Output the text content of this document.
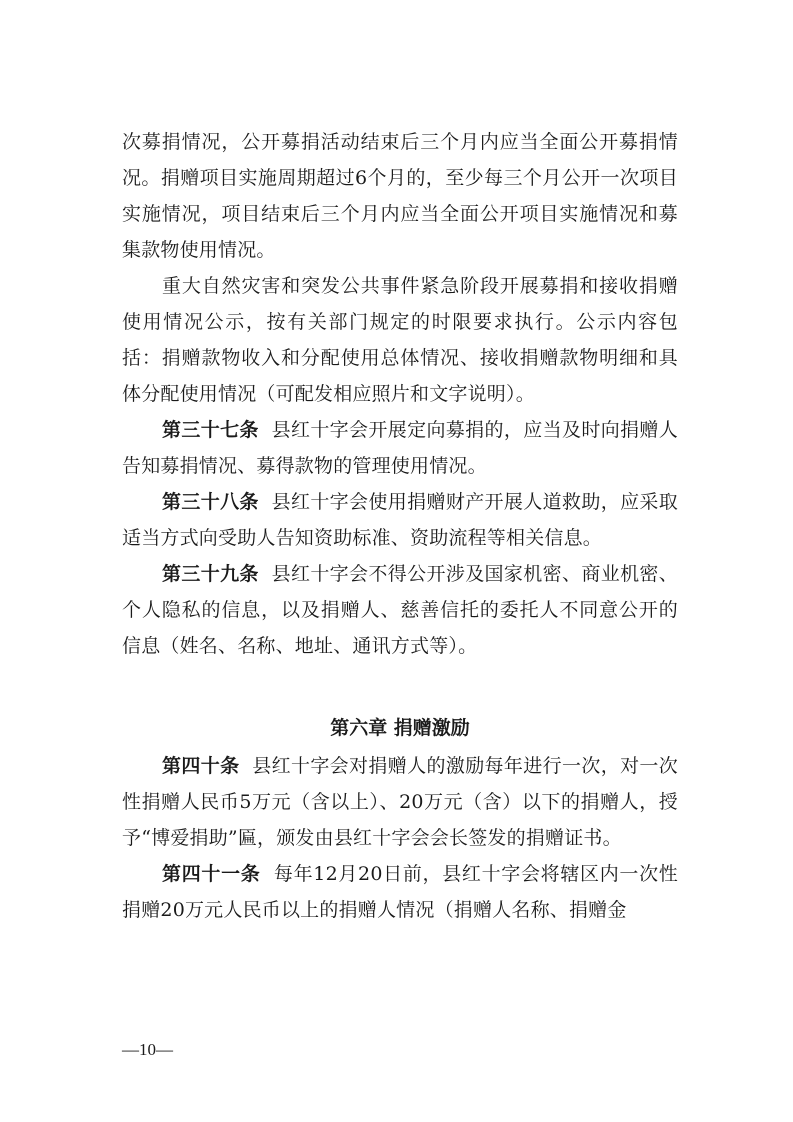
次募捐情况，公开募捐活动结束后三个月内应当全面公开募捐情况。捐赠项目实施周期超过6个月的，至少每三个月公开一次项目实施情况，项目结束后三个月内应当全面公开项目实施情况和募集款物使用情况。

重大自然灾害和突发公共事件紧急阶段开展募捐和接收捐赠使用情况公示，按有关部门规定的时限要求执行。公示内容包括：捐赠款物收入和分配使用总体情况、接收捐赠款物明细和具体分配使用情况（可配发相应照片和文字说明）。

第三十七条 县红十字会开展定向募捐的，应当及时向捐赠人告知募捐情况、募得款物的管理使用情况。

第三十八条 县红十字会使用捐赠财产开展人道救助，应采取适当方式向受助人告知资助标准、资助流程等相关信息。

第三十九条 县红十字会不得公开涉及国家机密、商业机密、个人隐私的信息，以及捐赠人、慈善信托的委托人不同意公开的信息（姓名、名称、地址、通讯方式等）。

第六章 捐赠激励

第四十条 县红十字会对捐赠人的激励每年进行一次，对一次性捐赠人民币5万元（含以上）、20万元（含）以下的捐赠人，授予“博爱捐助”匾，颁发由县红十字会会长签发的捐赠证书。

第四十一条 每年12月20日前，县红十字会将辖区内一次性捐赠20万元人民币以上的捐赠人情况（捐赠人名称、捐赠金

—10—
